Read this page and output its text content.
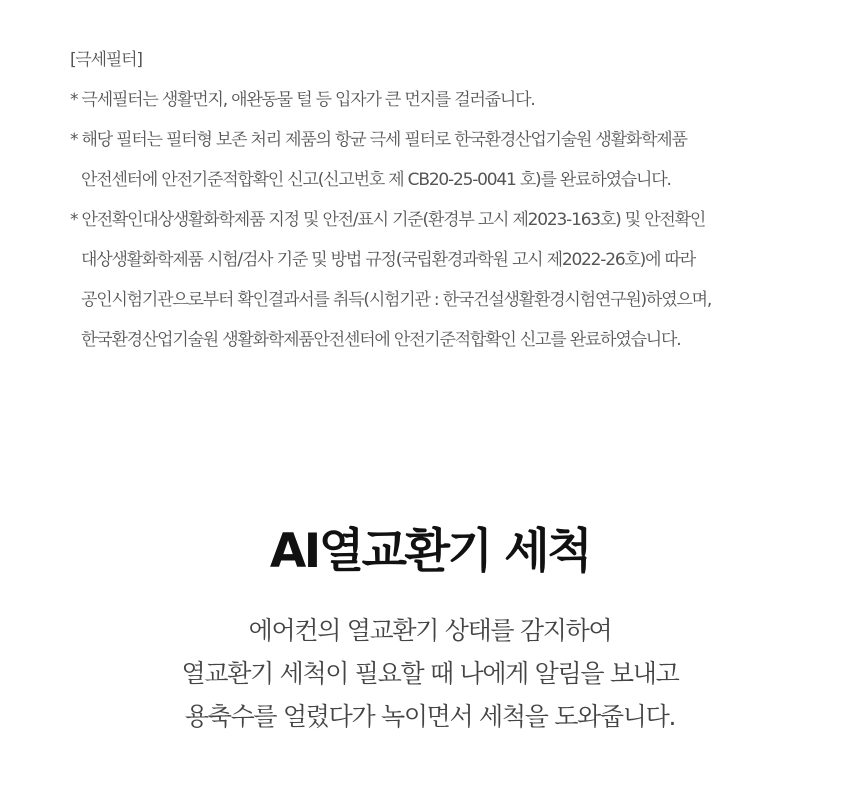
[극세필터]
* 극세필터는 생활먼지, 애완동물 털 등 입자가 큰 먼지를 걸러줍니다.
* 해당 필터는 필터형 보존 처리 제품의 항균 극세 필터로 한국환경산업기술원 생활화학제품
안전센터에 안전기준적합확인 신고(신고번호 제 CB20-25-0041 호)를 완료하였습니다.
* 안전확인대상생활화학제품 지정 및 안전/표시 기준(환경부 고시 제2023-163호) 및 안전확인
대상생활화학제품 시험/검사 기준 및 방법 규정(국립환경과학원 고시 제2022-26호)에 따라
공인시험기관으로부터 확인결과서를 취득(시험기관 : 한국건설생활환경시험연구원)하였으며,
한국환경산업기술원 생활화학제품안전센터에 안전기준적합확인 신고를 완료하였습니다.
AI열교환기 세척
에어컨의 열교환기 상태를 감지하여
열교환기 세척이 필요할 때 나에게 알림을 보내고
용축수를 얼렸다가 녹이면서 세척을 도와줍니다.
